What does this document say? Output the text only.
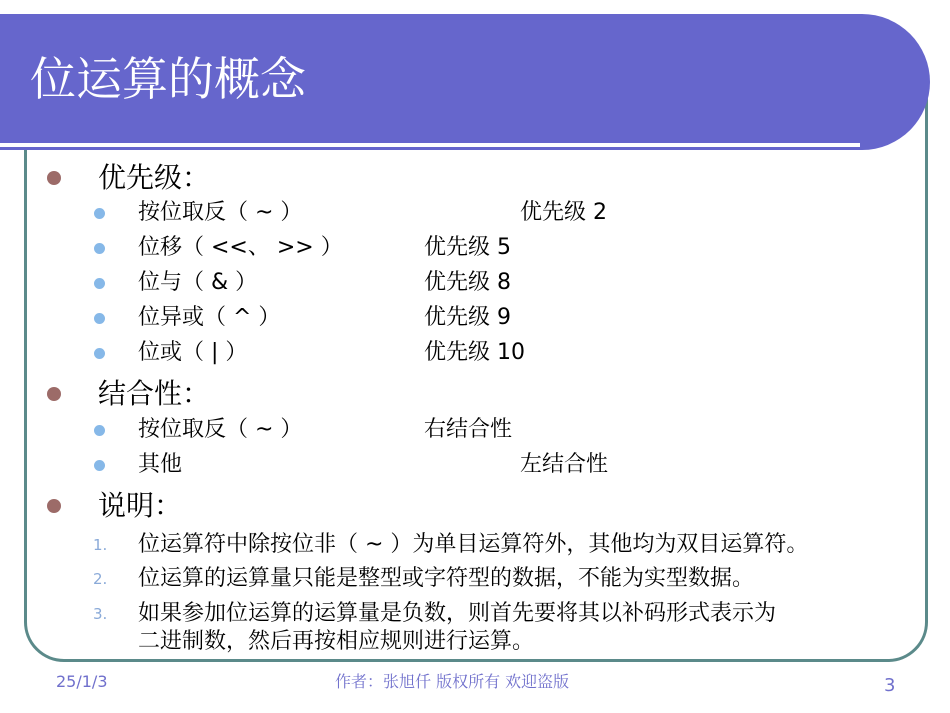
位运算的概念
优先级：
按位取反（ ~ ）	优先级 2
位移（ <<、 >> ）	优先级 5
位与（ & ）	优先级 8
位异或（ ^ ）	优先级 9
位或（ | ）	优先级 10
结合性：
按位取反（ ~ ）	右结合性
其他	左结合性
说明：
1. 位运算符中除按位非（ ~ ）为单目运算符外，其他均为双目运算符。
2. 位运算的运算量只能是整型或字符型的数据，不能为实型数据。
3. 如果参加位运算的运算量是负数，则首先要将其以补码形式表示为
二进制数，然后再按相应规则进行运算。
25/1/3	作者：张旭仟 版权所有 欢迎盗版	3
